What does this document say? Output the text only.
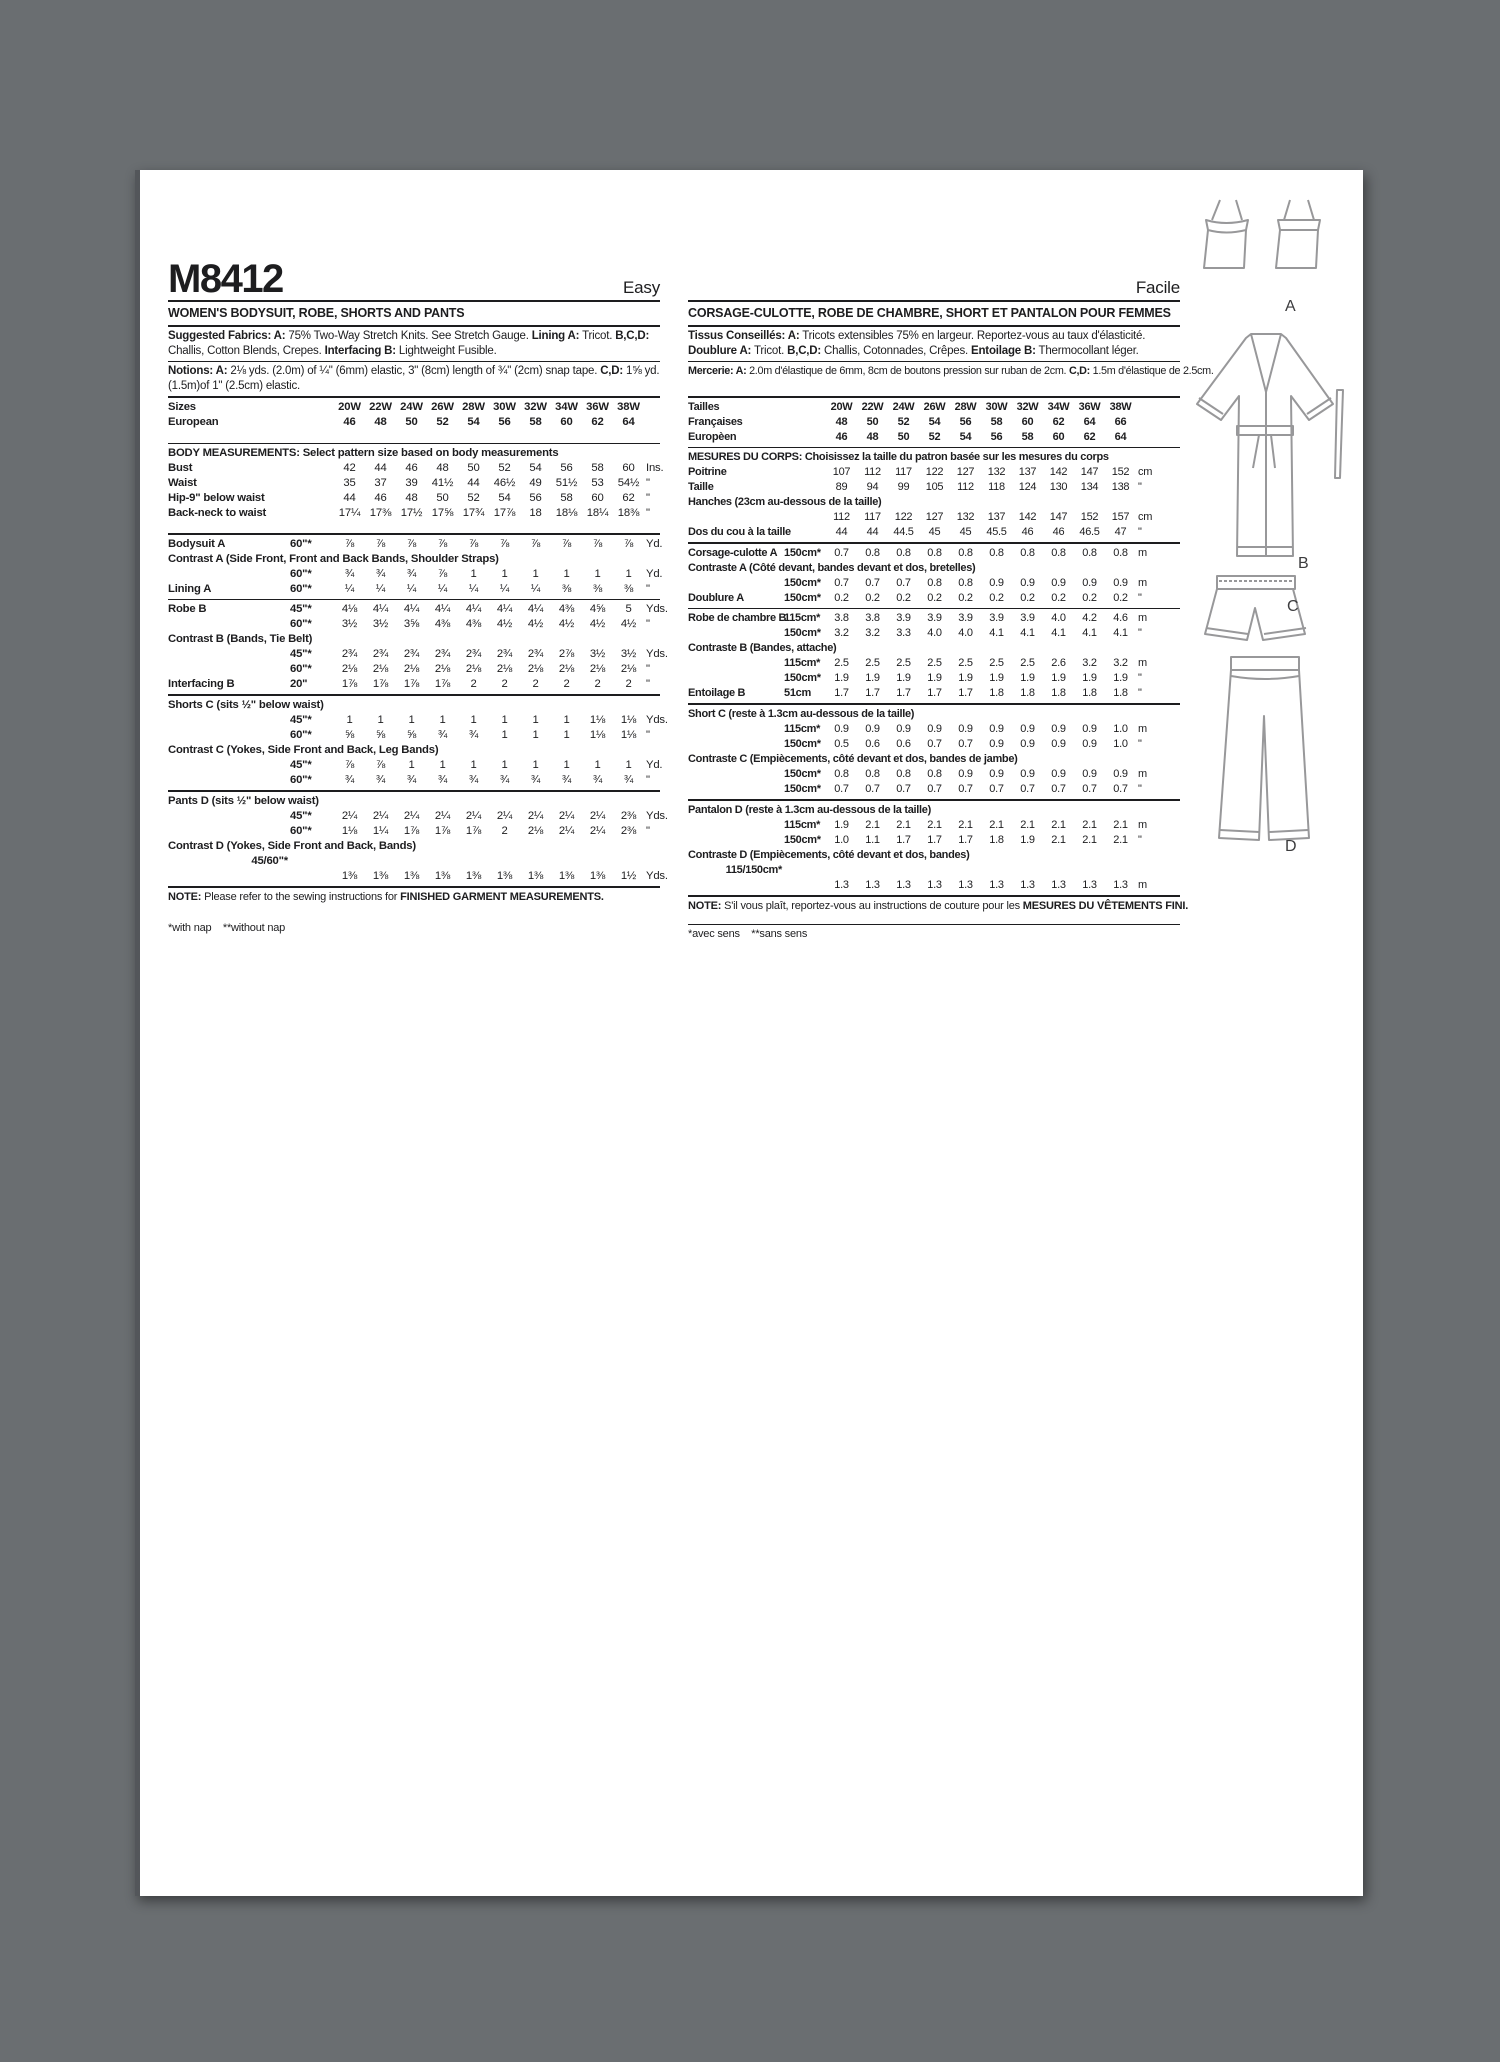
M8412	Easy
WOMEN'S BODYSUIT, ROBE, SHORTS AND PANTS
Suggested Fabrics: A: 75% Two-Way Stretch Knits. See Stretch Gauge. Lining A: Tricot. B,C,D: Challis, Cotton Blends, Crepes. Interfacing B: Lightweight Fusible.
Notions: A: 2⅛ yds. (2.0m) of ¼" (6mm) elastic, 3" (8cm) length of ¾" (2cm) snap tape. C,D: 1⅝ yd. (1.5m)of 1" (2.5cm) elastic.
Sizes	20W 22W 24W 26W 28W 30W 32W 34W 36W 38W
European	46	48	50	52	54	56	58	60	62	64
BODY MEASUREMENTS: Select pattern size based on body measurements
Bust	42	44	46	48	50	52	54	56	58	60	Ins.
Waist	35	37	39	41½	44	46½	49	51½	53	54½ "
Hip-9" below waist	44	46	48	50	52	54	56	58	60	62	"
Back-neck to waist	17¼ 17⅜ 17½ 17⅝ 17¾ 17⅞	18	18⅛ 18¼ 18⅜ "
Bodysuit A	60"*	⅞	⅞	⅞	⅞	⅞	⅞	⅞	⅞	⅞	⅞	Yd.
Contrast A (Side Front, Front and Back Bands, Shoulder Straps)
60"*	¾	¾	¾	⅞	1	1	1	1	1	1	Yd.
Lining A	60"*	¼	¼	¼	¼	¼	¼	¼	⅜	⅜	⅜	"
Robe B	45"*	4⅛	4¼	4¼	4¼	4¼	4¼	4¼	4⅜	4⅝	5	Yds.
60"*	3½	3½	3⅝	4⅜	4⅜	4½	4½	4½	4½	4½ "
Contrast B (Bands, Tie Belt)
45"*	2¾	2¾	2¾	2¾	2¾	2¾	2¾	2⅞	3½	3½ Yds.
60"*	2⅛	2⅛	2⅛	2⅛	2⅛	2⅛	2⅛	2⅛	2⅛	2⅛ "
Interfacing B	20"	1⅞	1⅞	1⅞	1⅞	2	2	2	2	2	2	"
Shorts C (sits ½" below waist)
45"*	1	1	1	1	1	1	1	1	1⅛	1⅛ Yds.
60"*	⅝	⅝	⅝	¾	¾	1	1	1	1⅛	1⅛ "
Contrast C (Yokes, Side Front and Back, Leg Bands)
45"*	⅞	⅞	1	1	1	1	1	1	1	1	Yd.
60"*	¾	¾	¾	¾	¾	¾	¾	¾	¾	¾	"
Pants D (sits ½" below waist)
45"*	2¼	2¼	2¼	2¼	2¼	2¼	2¼	2¼	2¼	2⅜ Yds.
60"*	1⅛	1¼	1⅞	1⅞	1⅞	2	2⅛	2¼	2¼	2⅜ "
Contrast D (Yokes, Side Front and Back, Bands)
45/60"*
1⅜	1⅜	1⅜	1⅜	1⅜	1⅜	1⅜	1⅜	1⅜	1½ Yds.
NOTE: Please refer to the sewing instructions for FINISHED GARMENT MEASUREMENTS.
*with nap    **without nap
Facile
CORSAGE-CULOTTE, ROBE DE CHAMBRE, SHORT ET PANTALON POUR FEMMES
Tissus Conseillés: A: Tricots extensibles 75% en largeur. Reportez-vous au taux d'élasticité. Doublure A: Tricot. B,C,D: Challis, Cotonnades, Crêpes. Entoilage B: Thermocollant léger.
Mercerie: A: 2.0m d'élastique de 6mm, 8cm de boutons pression sur ruban de 2cm. C,D: 1.5m d'élastique de 2.5cm.
Tailles	20W 22W 24W 26W 28W 30W 32W 34W 36W 38W
Françaises	48	50	52	54	56	58	60	62	64	66
Europèen	46	48	50	52	54	56	58	60	62	64
MESURES DU CORPS: Choisissez la taille du patron basée sur les mesures du corps
Poitrine	107	112	117	122	127	132	137	142	147	152 cm
Taille	89	94	99	105	112	118	124	130	134	138 "
Hanches (23cm au-dessous de la taille)
112	117	122	127	132	137	142	147	152	157 cm
Dos du cou à la taille	44	44	44.5	45	45	45.5	46	46	46.5	47	"
Corsage-culotte A 150cm*	0.7	0.8	0.8	0.8	0.8	0.8	0.8	0.8	0.8	0.8 m
Contraste A (Côté devant, bandes devant et dos, bretelles)
150cm*	0.7	0.7	0.7	0.8	0.8	0.9	0.9	0.9	0.9	0.9 m
Doublure A	150cm*	0.2	0.2	0.2	0.2	0.2	0.2	0.2	0.2	0.2	0.2 "
Robe de chambre B
115cm*	3.8	3.8	3.9	3.9	3.9	3.9	3.9	4.0	4.2	4.6 m
150cm*	3.2	3.2	3.3	4.0	4.0	4.1	4.1	4.1	4.1	4.1 "
Contraste B (Bandes, attache)
115cm*	2.5	2.5	2.5	2.5	2.5	2.5	2.5	2.6	3.2	3.2 m
150cm*	1.9	1.9	1.9	1.9	1.9	1.9	1.9	1.9	1.9	1.9 "
Entoilage B	51cm	1.7	1.7	1.7	1.7	1.7	1.8	1.8	1.8	1.8	1.8 "
Short C (reste à 1.3cm au-dessous de la taille)
115cm*	0.9	0.9	0.9	0.9	0.9	0.9	0.9	0.9	0.9	1.0 m
150cm*	0.5	0.6	0.6	0.7	0.7	0.9	0.9	0.9	0.9	1.0 "
Contraste C (Empiècements, côté devant et dos, bandes de jambe)
150cm*	0.8	0.8	0.8	0.8	0.9	0.9	0.9	0.9	0.9	0.9 m
150cm*	0.7	0.7	0.7	0.7	0.7	0.7	0.7	0.7	0.7	0.7 "
Pantalon D (reste à 1.3cm au-dessous de la taille)
115cm*	1.9	2.1	2.1	2.1	2.1	2.1	2.1	2.1	2.1	2.1 m
150cm*	1.0	1.1	1.7	1.7	1.7	1.8	1.9	2.1	2.1	2.1 "
Contraste D (Empiècements, côté devant et dos, bandes)
115/150cm*
1.3	1.3	1.3	1.3	1.3	1.3	1.3	1.3	1.3	1.3 m
NOTE: S'il vous plaît, reportez-vous au instructions de couture pour les MESURES DU VÊTEMENTS FINI.
*avec sens    **sans sens
A
B
C
D
